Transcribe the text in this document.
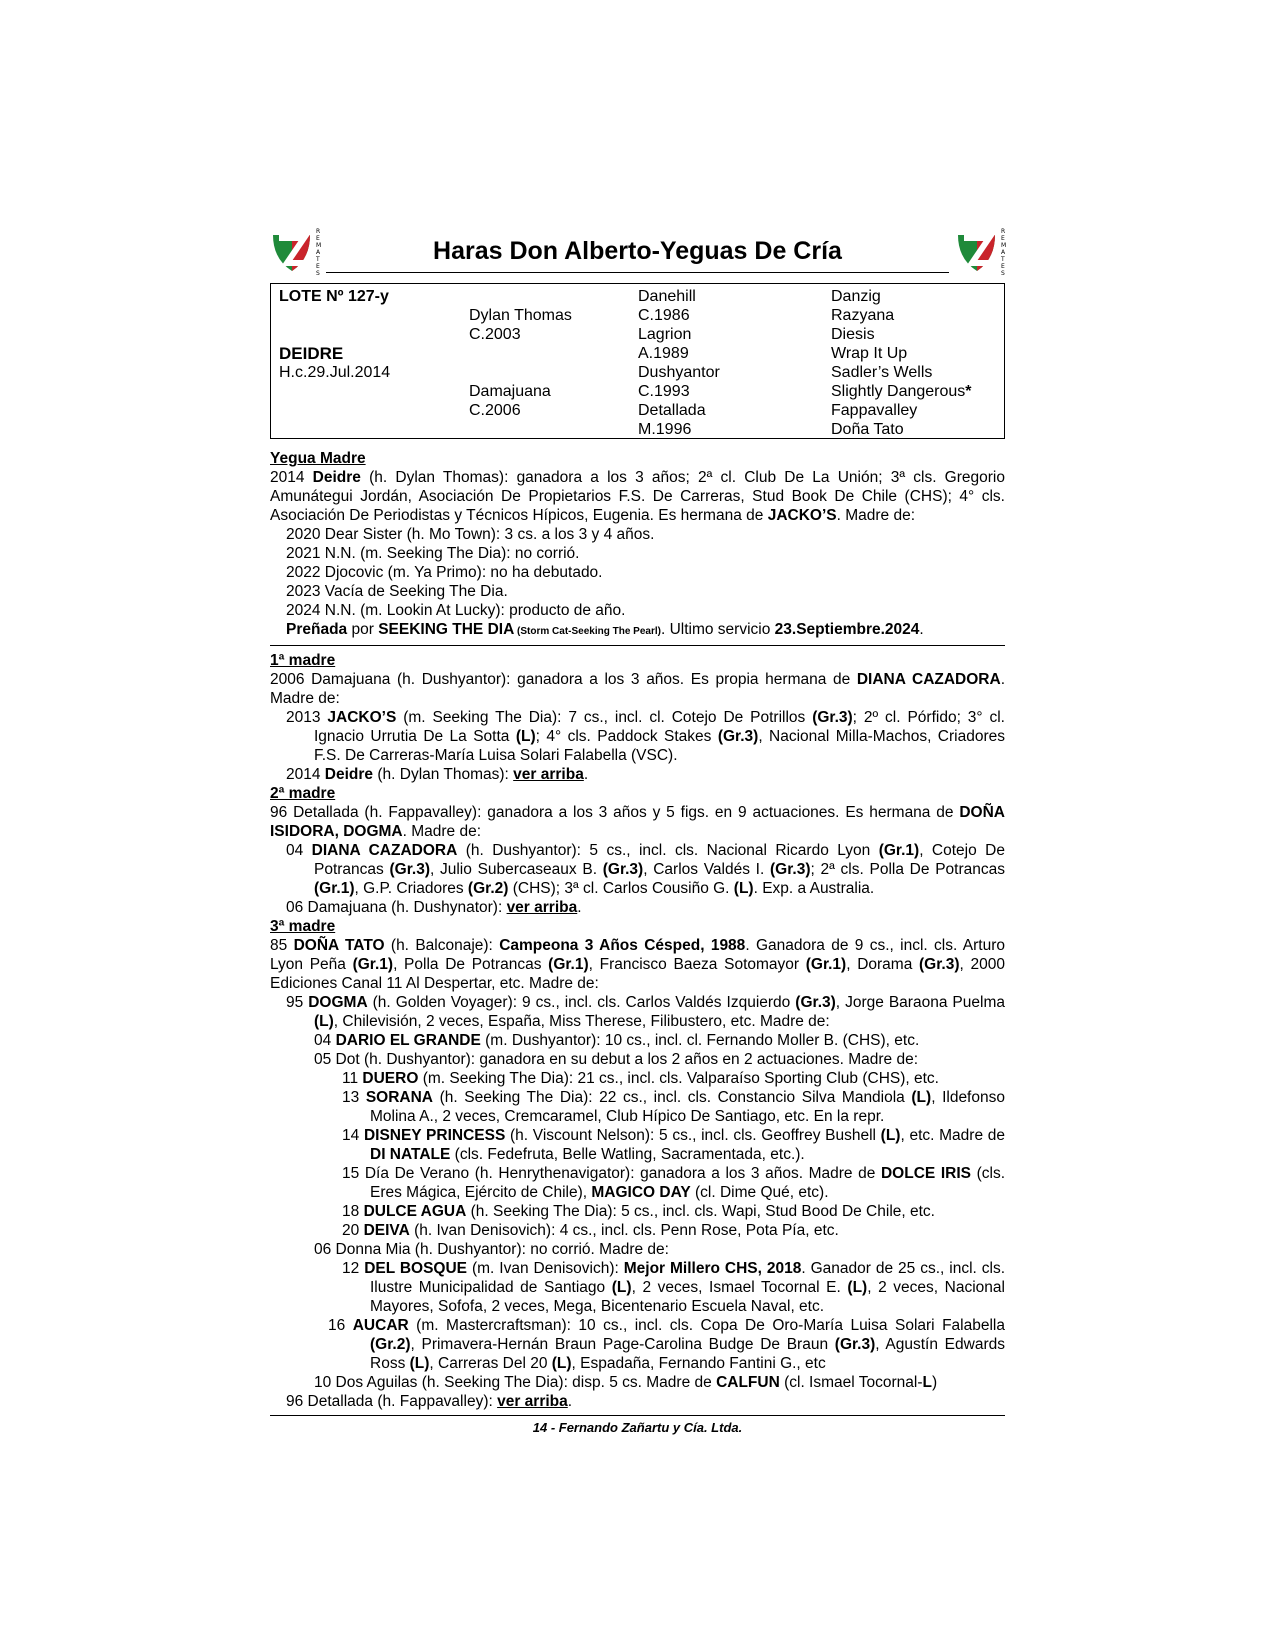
R
E
M
A
T
E
S
Haras Don Alberto-Yeguas De Cría
R
E
M
A
T
E
S
LOTE Nº 127-y
DEIDRE
H.c.29.Jul.2014
Dylan Thomas
C.2003
Damajuana
C.2006
Danehill
C.1986
Lagrion
A.1989
Dushyantor
C.1993
Detallada
M.1996
Danzig
Razyana
Diesis
Wrap It Up
Sadler’s Wells
Slightly Dangerous*
Fappavalley
Doña Tato
Yegua Madre
2014 Deidre (h. Dylan Thomas): ganadora a los 3 años; 2ª cl. Club De La Unión; 3ª cls. Gregorio Amunátegui Jordán, Asociación De Propietarios F.S. De Carreras, Stud Book De Chile (CHS); 4° cls. Asociación De Periodistas y Técnicos Hípicos, Eugenia. Es hermana de JACKO’S. Madre de:
2020 Dear Sister (h. Mo Town): 3 cs. a los 3 y 4 años.
2021 N.N. (m. Seeking The Dia): no corrió.
2022 Djocovic (m. Ya Primo): no ha debutado.
2023 Vacía de Seeking The Dia.
2024 N.N. (m. Lookin At Lucky): producto de año.
Preñada por SEEKING THE DIA (Storm Cat-Seeking The Pearl). Ultimo servicio 23.Septiembre.2024.
1ª madre
2006 Damajuana (h. Dushyantor): ganadora a los 3 años. Es propia hermana de DIANA CAZADORA. Madre de:
2013 JACKO’S (m. Seeking The Dia): 7 cs., incl. cl. Cotejo De Potrillos (Gr.3); 2º cl. Pórfido; 3° cl. Ignacio Urrutia De La Sotta (L); 4° cls. Paddock Stakes (Gr.3), Nacional Milla-Machos, Criadores F.S. De Carreras-María Luisa Solari Falabella (VSC).
2014 Deidre (h. Dylan Thomas): ver arriba.
2ª madre
96 Detallada (h. Fappavalley): ganadora a los 3 años y 5 figs. en 9 actuaciones. Es hermana de DOÑA ISIDORA, DOGMA. Madre de:
04 DIANA CAZADORA (h. Dushyantor): 5 cs., incl. cls. Nacional Ricardo Lyon (Gr.1), Cotejo De Potrancas (Gr.3), Julio Subercaseaux B. (Gr.3), Carlos Valdés I. (Gr.3); 2ª cls. Polla De Potrancas (Gr.1), G.P. Criadores (Gr.2) (CHS); 3ª cl. Carlos Cousiño G. (L). Exp. a Australia.
06 Damajuana (h. Dushynator): ver arriba.
3ª madre
85 DOÑA TATO (h. Balconaje): Campeona 3 Años Césped, 1988. Ganadora de 9 cs., incl. cls. Arturo Lyon Peña (Gr.1), Polla De Potrancas (Gr.1), Francisco Baeza Sotomayor (Gr.1), Dorama (Gr.3), 2000 Ediciones Canal 11 Al Despertar, etc. Madre de:
95 DOGMA (h. Golden Voyager): 9 cs., incl. cls. Carlos Valdés Izquierdo (Gr.3), Jorge Baraona Puelma (L), Chilevisión, 2 veces, España, Miss Therese, Filibustero, etc. Madre de:
04 DARIO EL GRANDE (m. Dushyantor): 10 cs., incl. cl. Fernando Moller B. (CHS), etc.
05 Dot (h. Dushyantor): ganadora en su debut a los 2 años en 2 actuaciones. Madre de:
11 DUERO (m. Seeking The Dia): 21 cs., incl. cls. Valparaíso Sporting Club (CHS), etc.
13 SORANA (h. Seeking The Dia): 22 cs., incl. cls. Constancio Silva Mandiola (L), Ildefonso Molina A., 2 veces, Cremcaramel, Club Hípico De Santiago, etc. En la repr.
14 DISNEY PRINCESS (h. Viscount Nelson): 5 cs., incl. cls. Geoffrey Bushell (L), etc. Madre de DI NATALE (cls. Fedefruta, Belle Watling, Sacramentada, etc.).
15 Día De Verano (h. Henrythenavigator): ganadora a los 3 años. Madre de DOLCE IRIS (cls. Eres Mágica, Ejército de Chile), MAGICO DAY (cl. Dime Qué, etc).
18 DULCE AGUA (h. Seeking The Dia): 5 cs., incl. cls. Wapi, Stud Bood De Chile, etc.
20 DEIVA (h. Ivan Denisovich): 4 cs., incl. cls. Penn Rose, Pota Pía, etc.
06 Donna Mia (h. Dushyantor): no corrió. Madre de:
12 DEL BOSQUE (m. Ivan Denisovich): Mejor Millero CHS, 2018. Ganador de 25 cs., incl. cls. Ilustre Municipalidad de Santiago (L), 2 veces, Ismael Tocornal E. (L), 2 veces, Nacional Mayores, Sofofa, 2 veces, Mega, Bicentenario Escuela Naval, etc.
16 AUCAR (m. Mastercraftsman): 10 cs., incl. cls. Copa De Oro-María Luisa Solari Falabella (Gr.2), Primavera-Hernán Braun Page-Carolina Budge De Braun (Gr.3), Agustín Edwards Ross (L), Carreras Del 20 (L), Espadaña, Fernando Fantini G., etc
10 Dos Aguilas (h. Seeking The Dia): disp. 5 cs. Madre de CALFUN (cl. Ismael Tocornal-L)
96 Detallada (h. Fappavalley): ver arriba.
14 - Fernando Zañartu y Cía. Ltda.
